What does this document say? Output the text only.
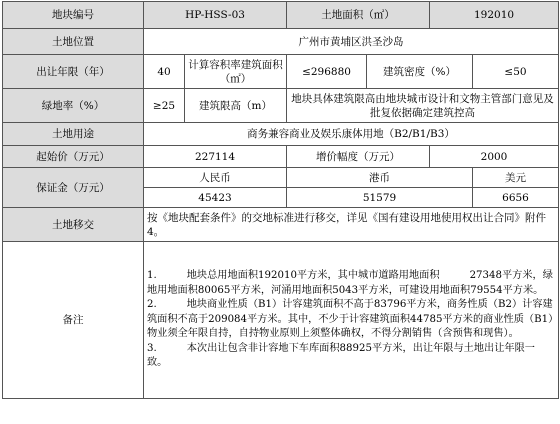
地块编号	HP-HSS-03		土地面积（㎡）		192010	
土地位置	广州市黄埔区洪圣沙岛					
出让年限（年）	40	计算容积率建筑面积（㎡）	≤296880	建筑密度（%）		≤50
绿地率（%）	≥25	建筑限高（m）	地块具体建筑限高由地块城市设计和文物主管部门意见及批复依据确定建筑控高			
土地用途	商务兼容商业及娱乐康体用地（B2/B1/B3）					
起始价（万元）	227114		增价幅度（万元）		2000	
保证金（万元）	人民币		港币			美元
	45423		51579			6656
土地移交	按《地块配套条件》的交地标准进行移交，详见《国有建设用地使用权出让合同》附件4。					
备注	1. 地块总用地面积192010平方米，其中城市道路用地面积 27348平方米，绿地用地面积80065平方米，河涌用地面积5043平方米，可建设用地面积79554平方米。

2. 地块商业性质（B1）计容建筑面积不高于83796平方米，商务性质（B2）计容建筑面积不高于209084平方米。其中，不少于计容建筑面积44785平方米的商业性质（B1）物业须全年限自持，自持物业原则上须整体确权，不得分割销售（含预售和现售）。

3. 本次出让包含非计容地下车库面积88925平方米，出让年限与土地出让年限一致。					
